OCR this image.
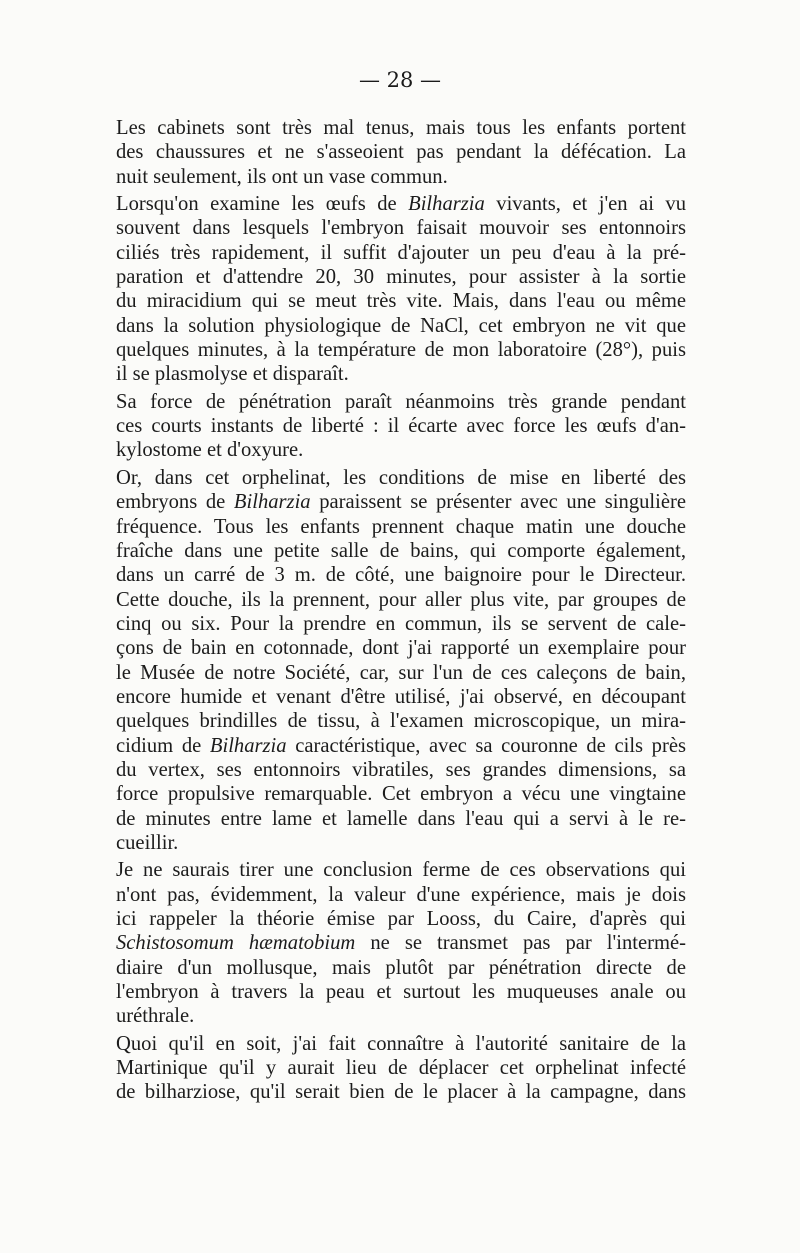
— 28 —
Les cabinets sont très mal tenus, mais tous les enfants portent
des chaussures et ne s'asseoient pas pendant la défécation. La
nuit seulement, ils ont un vase commun.
Lorsqu'on examine les œufs de Bilharzia vivants, et j'en ai vu
souvent dans lesquels l'embryon faisait mouvoir ses entonnoirs
ciliés très rapidement, il suffit d'ajouter un peu d'eau à la pré-
paration et d'attendre 20, 30 minutes, pour assister à la sortie
du miracidium qui se meut très vite. Mais, dans l'eau ou même
dans la solution physiologique de NaCl, cet embryon ne vit que
quelques minutes, à la température de mon laboratoire (28°), puis
il se plasmolyse et disparaît.
Sa force de pénétration paraît néanmoins très grande pendant
ces courts instants de liberté : il écarte avec force les œufs d'an-
kylostome et d'oxyure.
Or, dans cet orphelinat, les conditions de mise en liberté des
embryons de Bilharzia paraissent se présenter avec une singulière
fréquence. Tous les enfants prennent chaque matin une douche
fraîche dans une petite salle de bains, qui comporte également,
dans un carré de 3 m. de côté, une baignoire pour le Directeur.
Cette douche, ils la prennent, pour aller plus vite, par groupes de
cinq ou six. Pour la prendre en commun, ils se servent de cale-
çons de bain en cotonnade, dont j'ai rapporté un exemplaire pour
le Musée de notre Société, car, sur l'un de ces caleçons de bain,
encore humide et venant d'être utilisé, j'ai observé, en découpant
quelques brindilles de tissu, à l'examen microscopique, un mira-
cidium de Bilharzia caractéristique, avec sa couronne de cils près
du vertex, ses entonnoirs vibratiles, ses grandes dimensions, sa
force propulsive remarquable. Cet embryon a vécu une vingtaine
de minutes entre lame et lamelle dans l'eau qui a servi à le re-
cueillir.
Je ne saurais tirer une conclusion ferme de ces observations qui
n'ont pas, évidemment, la valeur d'une expérience, mais je dois
ici rappeler la théorie émise par Looss, du Caire, d'après qui
Schistosomum hæmatobium ne se transmet pas par l'intermé-
diaire d'un mollusque, mais plutôt par pénétration directe de
l'embryon à travers la peau et surtout les muqueuses anale ou
uréthrale.
Quoi qu'il en soit, j'ai fait connaître à l'autorité sanitaire de la
Martinique qu'il y aurait lieu de déplacer cet orphelinat infecté
de bilharziose, qu'il serait bien de le placer à la campagne, dans
